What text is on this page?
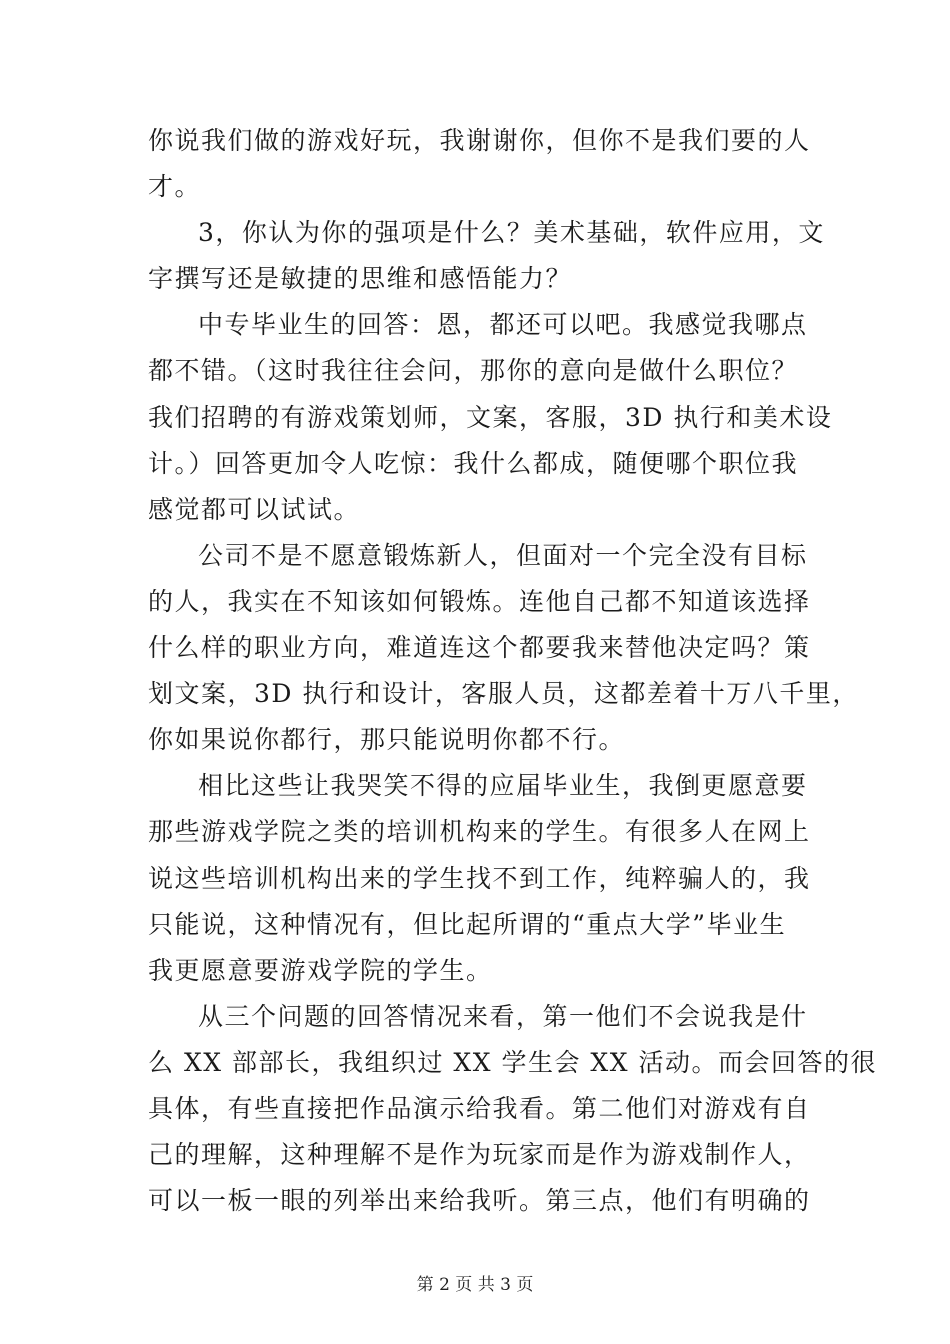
你说我们做的游戏好玩，我谢谢你，但你不是我们要的人
才。
3，你认为你的强项是什么？美术基础，软件应用，文
字撰写还是敏捷的思维和感悟能力？
中专毕业生的回答：恩，都还可以吧。我感觉我哪点
都不错。（这时我往往会问，那你的意向是做什么职位？
我们招聘的有游戏策划师，文案，客服，3D 执行和美术设
计。）回答更加令人吃惊：我什么都成，随便哪个职位我
感觉都可以试试。
公司不是不愿意锻炼新人，但面对一个完全没有目标
的人，我实在不知该如何锻炼。连他自己都不知道该选择
什么样的职业方向，难道连这个都要我来替他决定吗？策
划文案，3D 执行和设计，客服人员，这都差着十万八千里，
你如果说你都行，那只能说明你都不行。
相比这些让我哭笑不得的应届毕业生，我倒更愿意要
那些游戏学院之类的培训机构来的学生。有很多人在网上
说这些培训机构出来的学生找不到工作，纯粹骗人的，我
只能说，这种情况有，但比起所谓的“重点大学”毕业生
我更愿意要游戏学院的学生。
从三个问题的回答情况来看，第一他们不会说我是什
么 XX 部部长，我组织过 XX 学生会 XX 活动。而会回答的很
具体，有些直接把作品演示给我看。第二他们对游戏有自
己的理解，这种理解不是作为玩家而是作为游戏制作人，
可以一板一眼的列举出来给我听。第三点，他们有明确的
第 2 页 共 3 页
